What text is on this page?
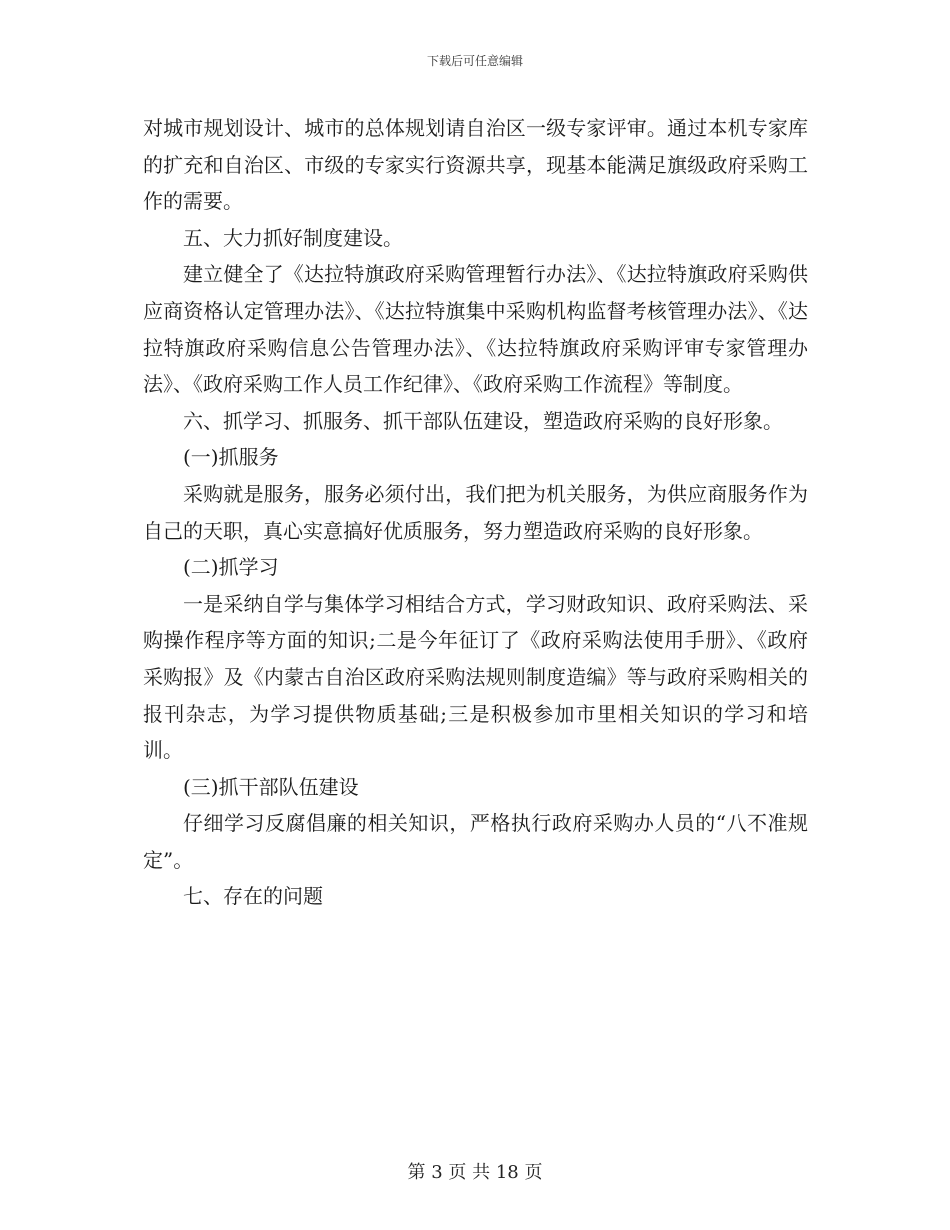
下载后可任意编辑

对城市规划设计、城市的总体规划请自治区一级专家评审。通过本机专家库的扩充和自治区、市级的专家实行资源共享，现基本能满足旗级政府采购工作的需要。

五、大力抓好制度建设。

建立健全了《达拉特旗政府采购管理暂行办法》、《达拉特旗政府采购供应商资格认定管理办法》、《达拉特旗集中采购机构监督考核管理办法》、《达拉特旗政府采购信息公告管理办法》、《达拉特旗政府采购评审专家管理办法》、《政府采购工作人员工作纪律》、《政府采购工作流程》等制度。

六、抓学习、抓服务、抓干部队伍建设，塑造政府采购的良好形象。

(一)抓服务

采购就是服务，服务必须付出，我们把为机关服务，为供应商服务作为自己的天职，真心实意搞好优质服务，努力塑造政府采购的良好形象。

(二)抓学习

一是采纳自学与集体学习相结合方式，学习财政知识、政府采购法、采购操作程序等方面的知识;二是今年征订了《政府采购法使用手册》、《政府采购报》及《内蒙古自治区政府采购法规则制度造编》等与政府采购相关的报刊杂志，为学习提供物质基础;三是积极参加市里相关知识的学习和培训。

(三)抓干部队伍建设

仔细学习反腐倡廉的相关知识，严格执行政府采购办人员的“八不准规定”。

七、存在的问题

第 3 页 共 18 页
